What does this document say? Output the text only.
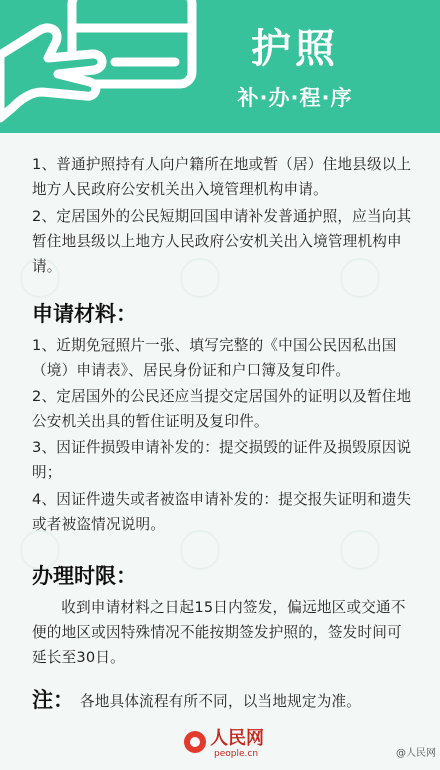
护照
补·办·程·序
1、普通护照持有人向户籍所在地或暂（居）住地县级以上地方人民政府公安机关出入境管理机构申请。
2、定居国外的公民短期回国申请补发普通护照，应当向其暂住地县级以上地方人民政府公安机关出入境管理机构申请。
申请材料：
1、近期免冠照片一张、填写完整的《中国公民因私出国（境）申请表》、居民身份证和户口簿及复印件。
2、定居国外的公民还应当提交定居国外的证明以及暂住地公安机关出具的暂住证明及复印件。
3、因证件损毁申请补发的：提交损毁的证件及损毁原因说明；
4、因证件遗失或者被盗申请补发的：提交报失证明和遗失或者被盗情况说明。
办理时限：
收到申请材料之日起15日内签发，偏远地区或交通不便的地区或因特殊情况不能按期签发护照的，签发时间可延长至30日。
注： 各地具体流程有所不同，以当地规定为准。
人民网
people.cn	@人民网
